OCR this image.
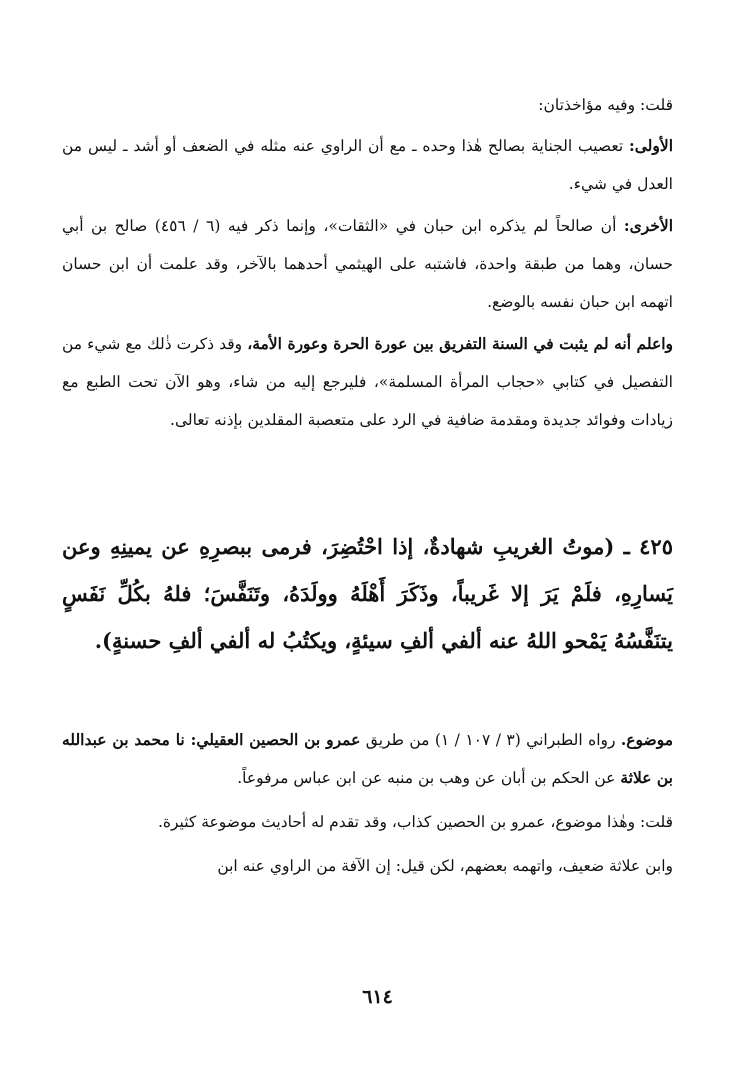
قلت: وفيه مؤاخذتان:

الأولى: تعصيب الجناية بصالح هٰذا وحده ـ مع أن الراوي عنه مثله في الضعف أو أشد ـ ليس من العدل في شيء.

الأخرى: أن صالحاً لم يذكره ابن حبان في «الثقات»، وإنما ذكر فيه (٦ / ٤٥٦) صالح بن أبي حسان، وهما من طبقة واحدة، فاشتبه على الهيثمي أحدهما بالآخر، وقد علمت أن ابن حسان اتهمه ابن حبان نفسه بالوضع.

واعلم أنه لم يثبت في السنة التفريق بين عورة الحرة وعورة الأمة، وقد ذكرت ذٰلك مع شيء من التفصيل في كتابي «حجاب المرأة المسلمة»، فليرجع إليه من شاء، وهو الآن تحت الطبع مع زيادات وفوائد جديدة ومقدمة ضافية في الرد على متعصبة المقلدين بإذنه تعالى.

٤٢٥ ـ (موتُ الغريبِ شهادةٌ، إذا احْتُضِرَ، فرمى ببصرِهِ عن يمينِهِ وعن يَسارِهِ، فلَمْ يَرَ إلا غَريباً، وذَكَرَ أَهْلَهُ وولَدَهُ، وتَنَفَّسَ؛ فلهُ بكُلِّ نَفَسٍ يتنَفَّسُهُ يَمْحو اللهُ عنه ألفي ألفِ سيئةٍ، ويكتُبُ له ألفي ألفِ حسنةٍ).

موضوع. رواه الطبراني (٣ / ١٠٧ / ١) من طريق عمرو بن الحصين العقيلي: نا محمد بن عبدالله بن علاثة عن الحكم بن أبان عن وهب بن منبه عن ابن عباس مرفوعاً.

قلت: وهٰذا موضوع، عمرو بن الحصين كذاب، وقد تقدم له أحاديث موضوعة كثيرة.

وابن علاثة ضعيف، واتهمه بعضهم، لكن قيل: إن الآفة من الراوي عنه ابن

٦١٤
